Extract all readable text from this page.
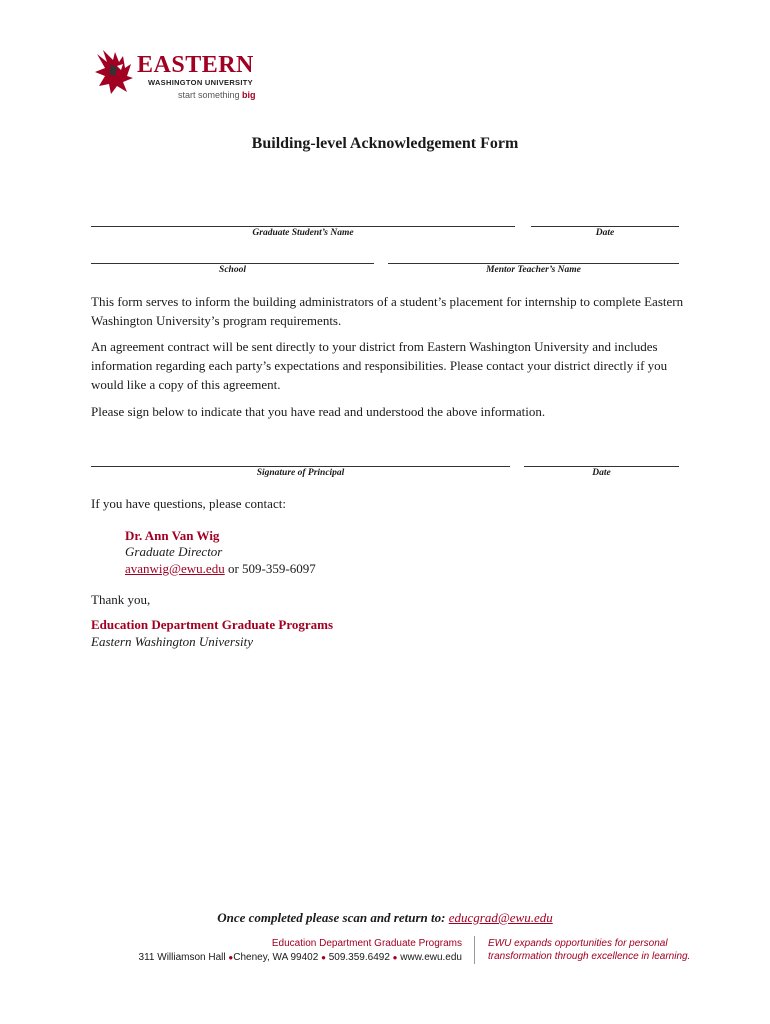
EASTERN
WASHINGTON UNIVERSITY
start something big
Building-level Acknowledgement Form
Graduate Student’s Name	Date
School	Mentor Teacher’s Name
This form serves to inform the building administrators of a student’s placement for internship to complete Eastern Washington University’s program requirements.
An agreement contract will be sent directly to your district from Eastern Washington University and includes information regarding each party’s expectations and responsibilities. Please contact your district directly if you would like a copy of this agreement.
Please sign below to indicate that you have read and understood the above information.
Signature of Principal	Date
If you have questions, please contact:
Dr. Ann Van Wig
Graduate Director
avanwig@ewu.edu or 509-359-6097
Thank you,
Education Department Graduate Programs
Eastern Washington University
Once completed please scan and return to: educgrad@ewu.edu
Education Department Graduate Programs
311 Williamson Hall ●Cheney, WA 99402 ● 509.359.6492 ● www.ewu.edu
EWU expands opportunities for personal
transformation through excellence in learning.
